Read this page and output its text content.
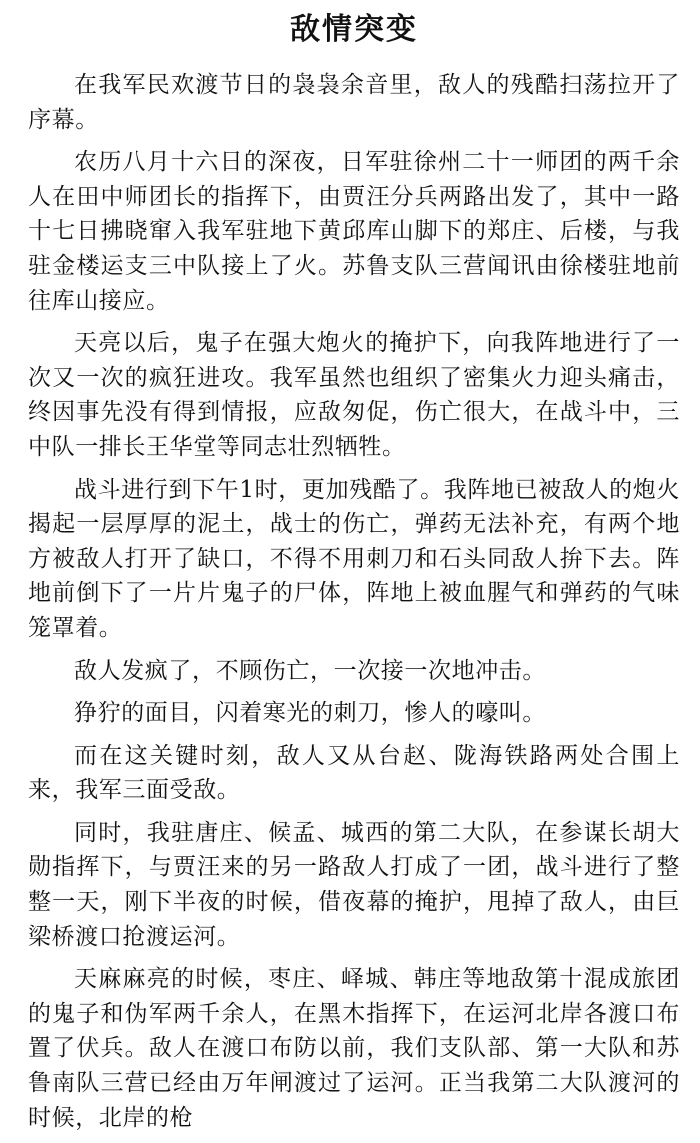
敌情突变

在我军民欢渡节日的袅袅余音里，敌人的残酷扫荡拉开了序幕。

农历八月十六日的深夜，日军驻徐州二十一师团的两千余人在田中师团长的指挥下，由贾汪分兵两路出发了，其中一路十七日拂晓窜入我军驻地下黄邱库山脚下的郑庄、后楼，与我驻金楼运支三中队接上了火。苏鲁支队三营闻讯由徐楼驻地前往库山接应。

天亮以后，鬼子在强大炮火的掩护下，向我阵地进行了一次又一次的疯狂进攻。我军虽然也组织了密集火力迎头痛击，终因事先没有得到情报，应敌匆促，伤亡很大，在战斗中，三中队一排长王华堂等同志壮烈牺牲。

战斗进行到下午1时，更加残酷了。我阵地已被敌人的炮火揭起一层厚厚的泥土，战士的伤亡，弹药无法补充，有两个地方被敌人打开了缺口，不得不用刺刀和石头同敌人拚下去。阵地前倒下了一片片鬼子的尸体，阵地上被血腥气和弹药的气味笼罩着。

敌人发疯了，不顾伤亡，一次接一次地冲击。

狰狞的面目，闪着寒光的刺刀，惨人的嚎叫。

而在这关键时刻，敌人又从台赵、陇海铁路两处合围上来，我军三面受敌。

同时，我驻唐庄、候孟、城西的第二大队，在参谋长胡大勋指挥下，与贾汪来的另一路敌人打成了一团，战斗进行了整整一天，刚下半夜的时候，借夜幕的掩护，甩掉了敌人，由巨梁桥渡口抢渡运河。

天麻麻亮的时候，枣庄、峄城、韩庄等地敌第十混成旅团的鬼子和伪军两千余人，在黑木指挥下，在运河北岸各渡口布置了伏兵。敌人在渡口布防以前，我们支队部、第一大队和苏鲁南队三营已经由万年闸渡过了运河。正当我第二大队渡河的时候，北岸的枪
